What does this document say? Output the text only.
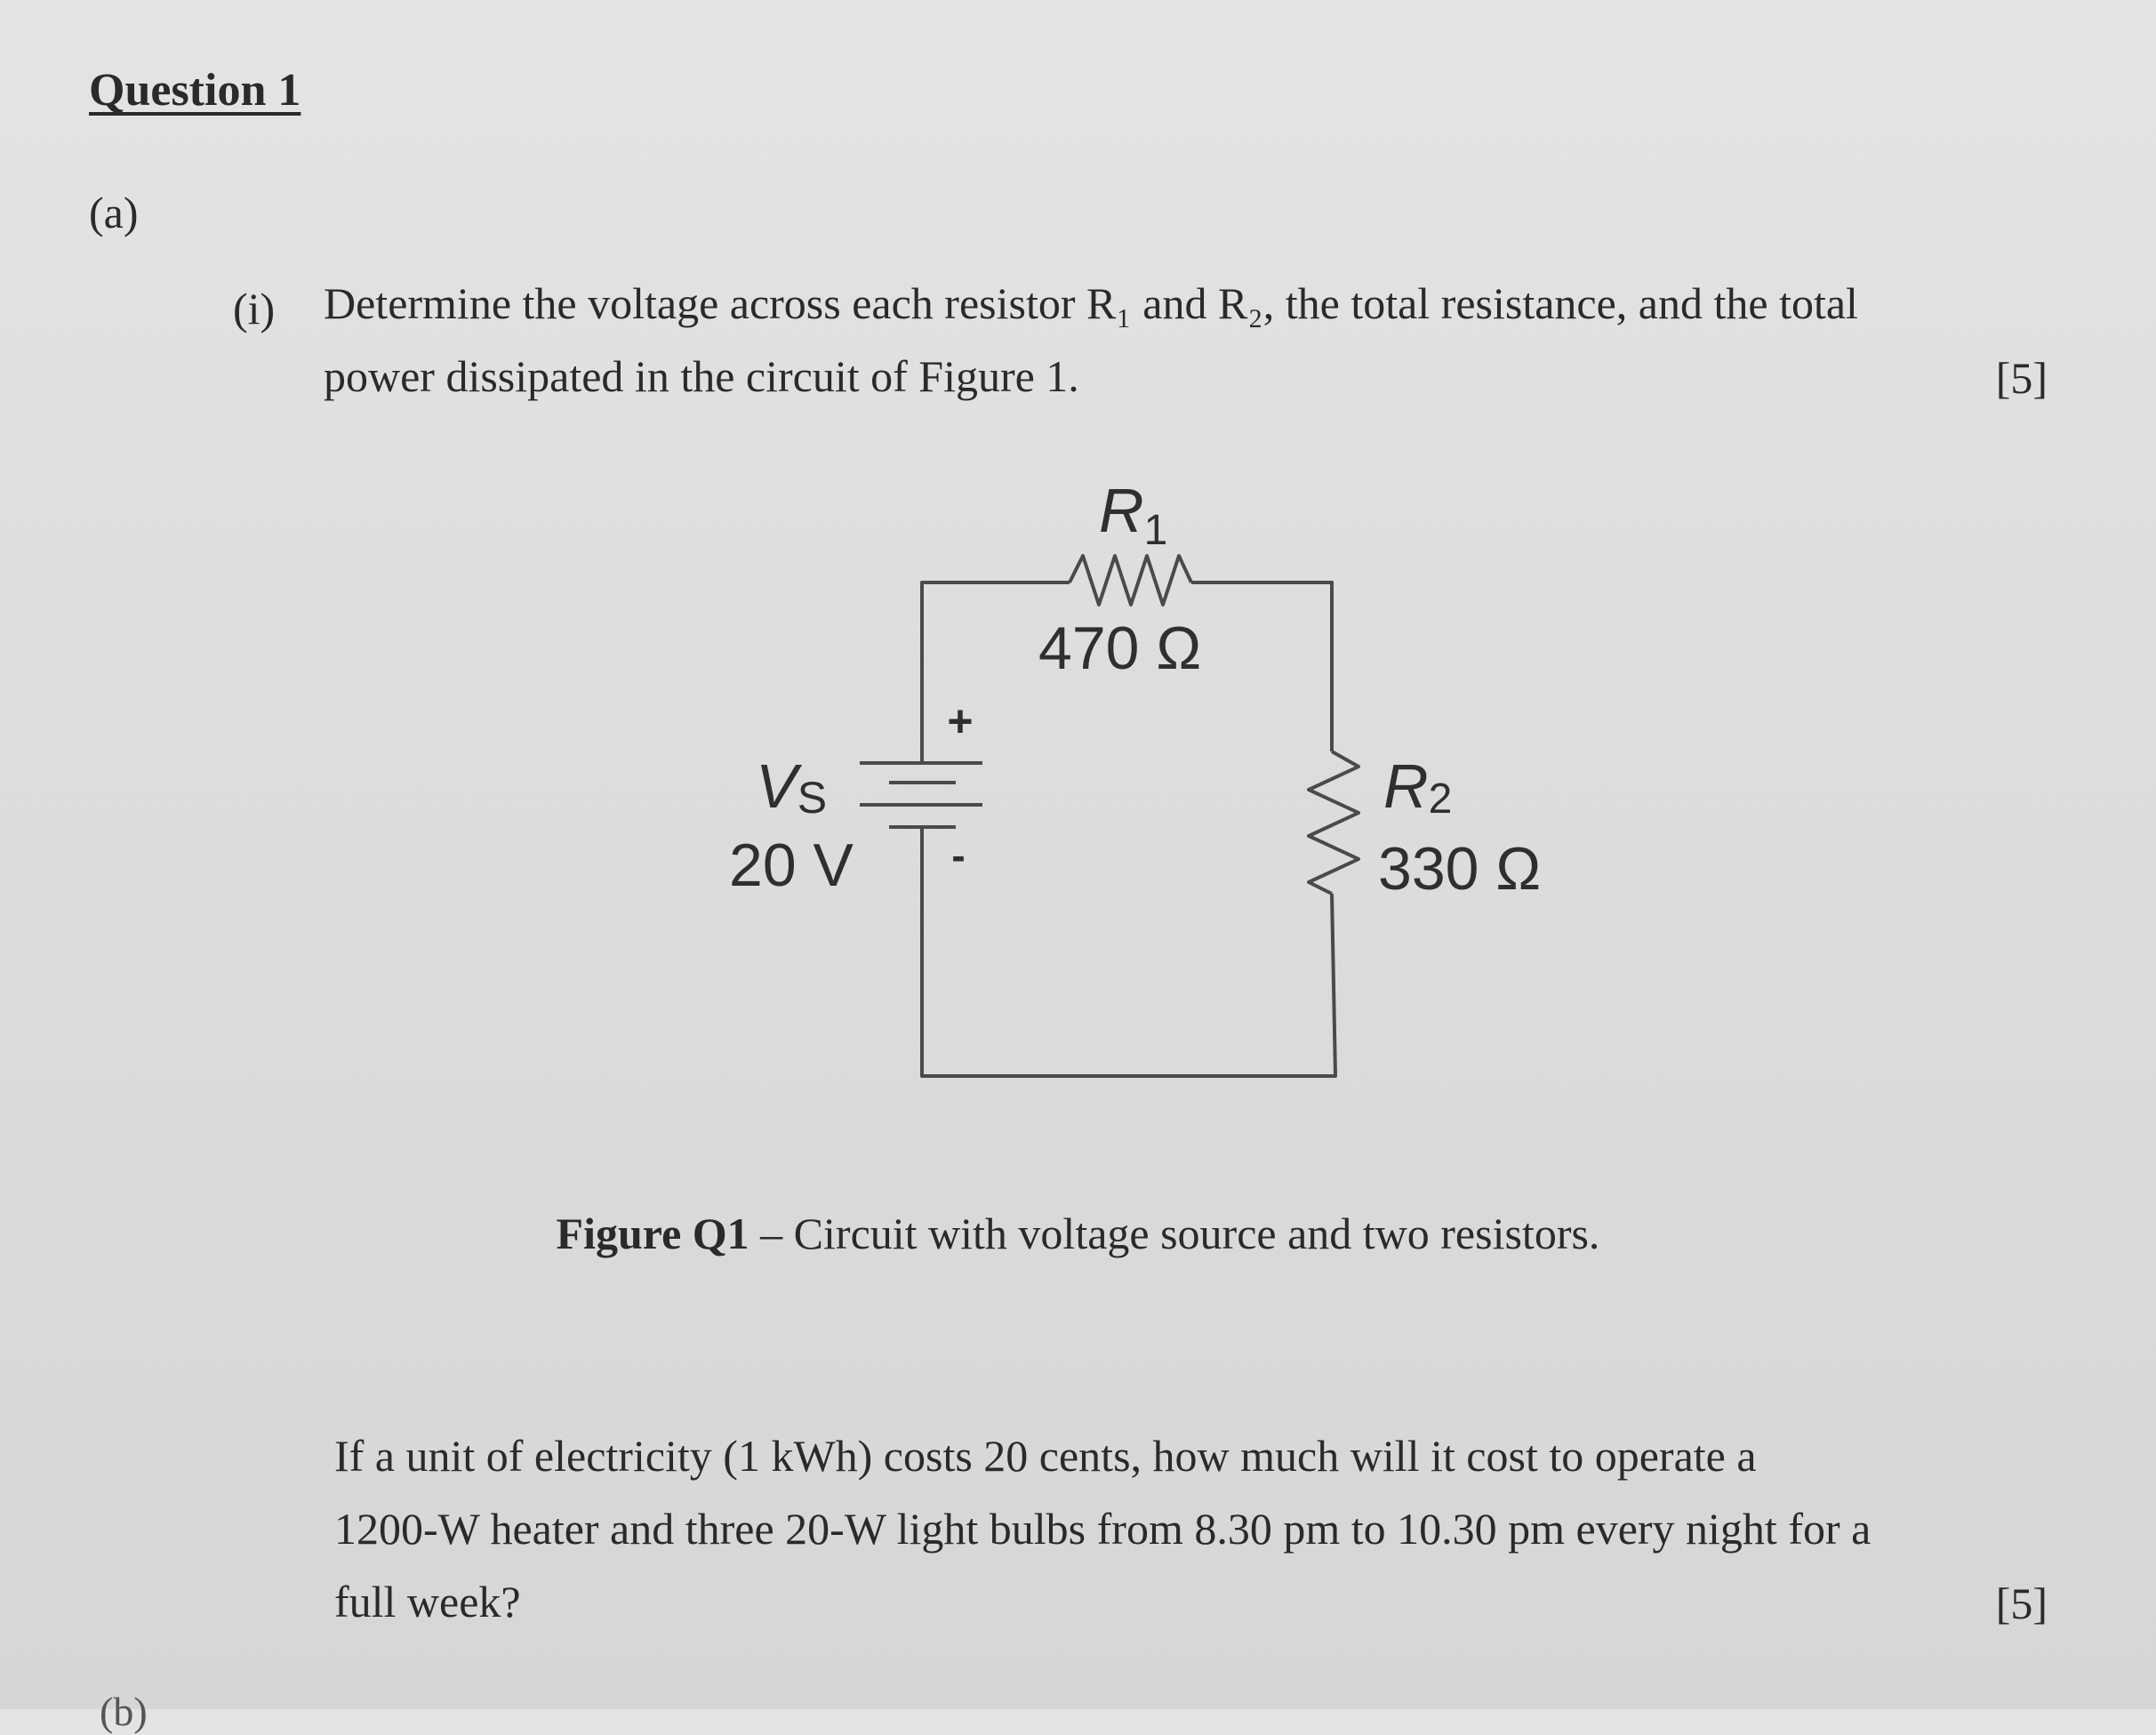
Question 1

(a)

(i) Determine the voltage across each resistor R₁ and R₂, the total resistance, and the total
power dissipated in the circuit of Figure 1.	[5]

+
-
VS
20 V
$R_1$
470 Ω
R2
330 Ω

Figure Q1 – Circuit with voltage source and two resistors.

If a unit of electricity (1 kWh) costs 20 cents, how much will it cost to operate a
1200-W heater and three 20-W light bulbs from 8.30 pm to 10.30 pm every night for a
full week?	[5]

(b)
